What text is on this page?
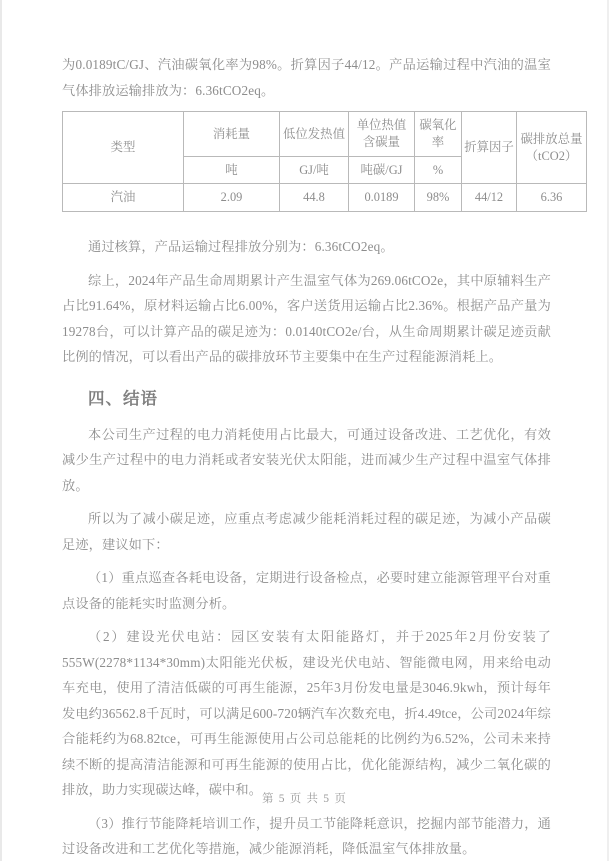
为0.0189tC/GJ、汽油碳氧化率为98%。折算因子44/12。产品运输过程中汽油的温室气体排放运输排放为：6.36tCO2eq。

类型	消耗量	低位发热值	单位热值含碳量	碳氧化率	折算因子	碳排放总量（tCO2）
	吨	GJ/吨	吨碳/GJ	%		
汽油	2.09	44.8	0.0189	98%	44/12	6.36

通过核算，产品运输过程排放分别为：6.36tCO2eq。

综上，2024年产品生命周期累计产生温室气体为269.06tCO2e，其中原辅料生产占比91.64%，原材料运输占比6.00%，客户送货用运输占比2.36%。根据产品产量为19278台，可以计算产品的碳足迹为：0.0140tCO2e/台，从生命周期累计碳足迹贡献比例的情况，可以看出产品的碳排放环节主要集中在生产过程能源消耗上。

四、结语

本公司生产过程的电力消耗使用占比最大，可通过设备改进、工艺优化，有效减少生产过程中的电力消耗或者安装光伏太阳能，进而减少生产过程中温室气体排放。

所以为了减小碳足迹，应重点考虑减少能耗消耗过程的碳足迹，为减小产品碳足迹，建议如下：

（1）重点巡查各耗电设备，定期进行设备检点，必要时建立能源管理平台对重点设备的能耗实时监测分析。

（2）建设光伏电站：园区安装有太阳能路灯，并于2025年2月份安装了555W(2278*1134*30mm)太阳能光伏板，建设光伏电站、智能微电网，用来给电动车充电，使用了清洁低碳的可再生能源，25年3月份发电量是3046.9kwh，预计每年发电约36562.8千瓦时，可以满足600-720辆汽车次数充电，折4.49tce，公司2024年综合能耗约为68.82tce，可再生能源使用占公司总能耗的比例约为6.52%，公司未来持续不断的提高清洁能源和可再生能源的使用占比，优化能源结构，减少二氧化碳的排放，助力实现碳达峰，碳中和。

（3）推行节能降耗培训工作，提升员工节能降耗意识，挖掘内部节能潜力，通过设备改进和工艺优化等措施，减少能源消耗，降低温室气体排放量。

第 5 页 共 5 页
